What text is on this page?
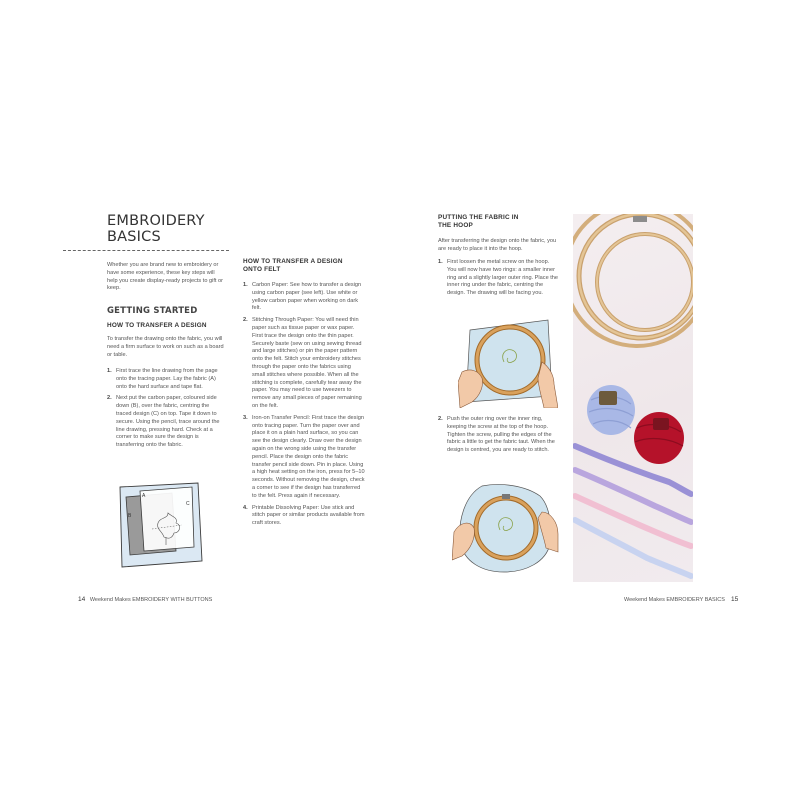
EMBROIDERY
BASICS

Whether you are brand new to embroidery or have some experience, these key steps will help you create display-ready projects to gift or keep.

GETTING STARTED
HOW TO TRANSFER A DESIGN

To transfer the drawing onto the fabric, you will need a firm surface to work on such as a board or table.

1. First trace the line drawing from the page onto the tracing paper. Lay the fabric (A) onto the hard surface and tape flat.
2. Next put the carbon paper, coloured side down (B), over the fabric, centring the traced design (C) on top. Tape it down to secure. Using the pencil, trace around the line drawing, pressing hard. Check at a corner to make sure the design is transferring onto the fabric.
A
B
C
HOW TO TRANSFER A DESIGN
ONTO FELT
1. Carbon Paper: See how to transfer a design using carbon paper (see left). Use white or yellow carbon paper when working on dark felt.
2. Stitching Through Paper: You will need thin paper such as tissue paper or wax paper. First trace the design onto the thin paper. Securely baste (sew on using sewing thread and large stitches) or pin the paper pattern onto the felt. Stitch your embroidery stitches through the paper onto the fabrics using small stitches where possible. When all the stitching is complete, carefully tear away the paper. You may need to use tweezers to remove any small pieces of paper remaining on the felt.
3. Iron-on Transfer Pencil: First trace the design onto tracing paper. Turn the paper over and place it on a plain hard surface, so you can see the design clearly. Draw over the design again on the wrong side using the transfer pencil. Place the design onto the fabric transfer pencil side down. Pin in place. Using a high heat setting on the iron, press for 5–10 seconds. Without removing the design, check a corner to see if the design has transferred to the felt. Press again if necessary.
4. Printable Dissolving Paper: Use stick and stitch paper or similar products available from craft stores.
14 Weekend Makes EMBROIDERY WITH BUTTONS
PUTTING THE FABRIC IN
THE HOOP

After transferring the design onto the fabric, you are ready to place it into the hoop.

1. First loosen the metal screw on the hoop. You will now have two rings: a smaller inner ring and a slightly larger outer ring. Place the inner ring under the fabric, centring the design. The drawing will be facing you.
2. Push the outer ring over the inner ring, keeping the screw at the top of the hoop. Tighten the screw, pulling the edges of the fabric a little to get the fabric taut. When the design is centred, you are ready to stitch.
Weekend Makes EMBROIDERY BASICS 15
